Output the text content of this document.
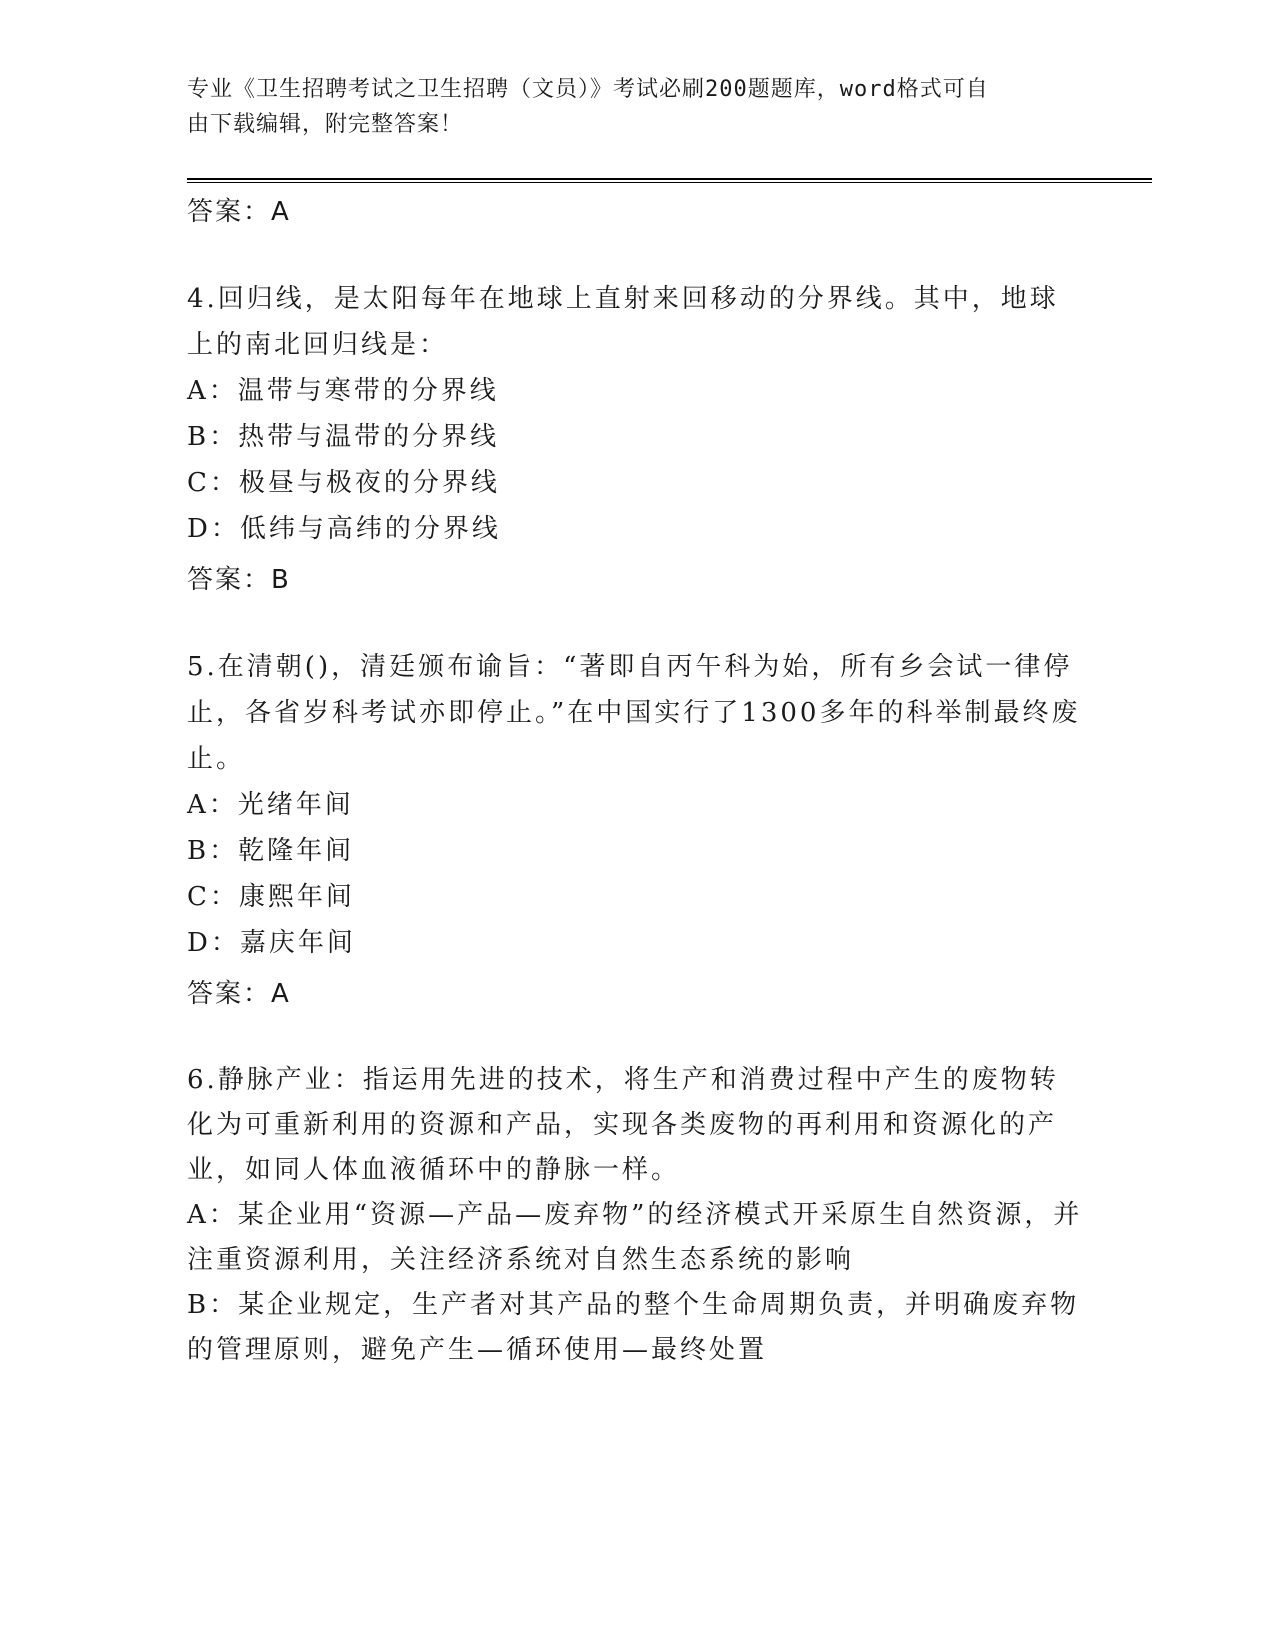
专业《卫生招聘考试之卫生招聘（文员）》考试必刷200题题库，word格式可自
由下载编辑，附完整答案！
答案：A

4.回归线，是太阳每年在地球上直射来回移动的分界线。其中，地球上的南北回归线是：

A：温带与寒带的分界线
B：热带与温带的分界线
C：极昼与极夜的分界线
D：低纬与高纬的分界线
答案：B

5.在清朝()，清廷颁布谕旨：“著即自丙午科为始，所有乡会试一律停止，各省岁科考试亦即停止。”在中国实行了1300多年的科举制最终废止。

A：光绪年间
B：乾隆年间
C：康熙年间
D：嘉庆年间
答案：A

6.静脉产业：指运用先进的技术，将生产和消费过程中产生的废物转化为可重新利用的资源和产品，实现各类废物的再利用和资源化的产业，如同人体血液循环中的静脉一样。

A：某企业用“资源—产品—废弃物”的经济模式开采原生自然资源，并注重资源利用，关注经济系统对自然生态系统的影响
B：某企业规定，生产者对其产品的整个生命周期负责，并明确废弃物的管理原则，避免产生—循环使用—最终处置
